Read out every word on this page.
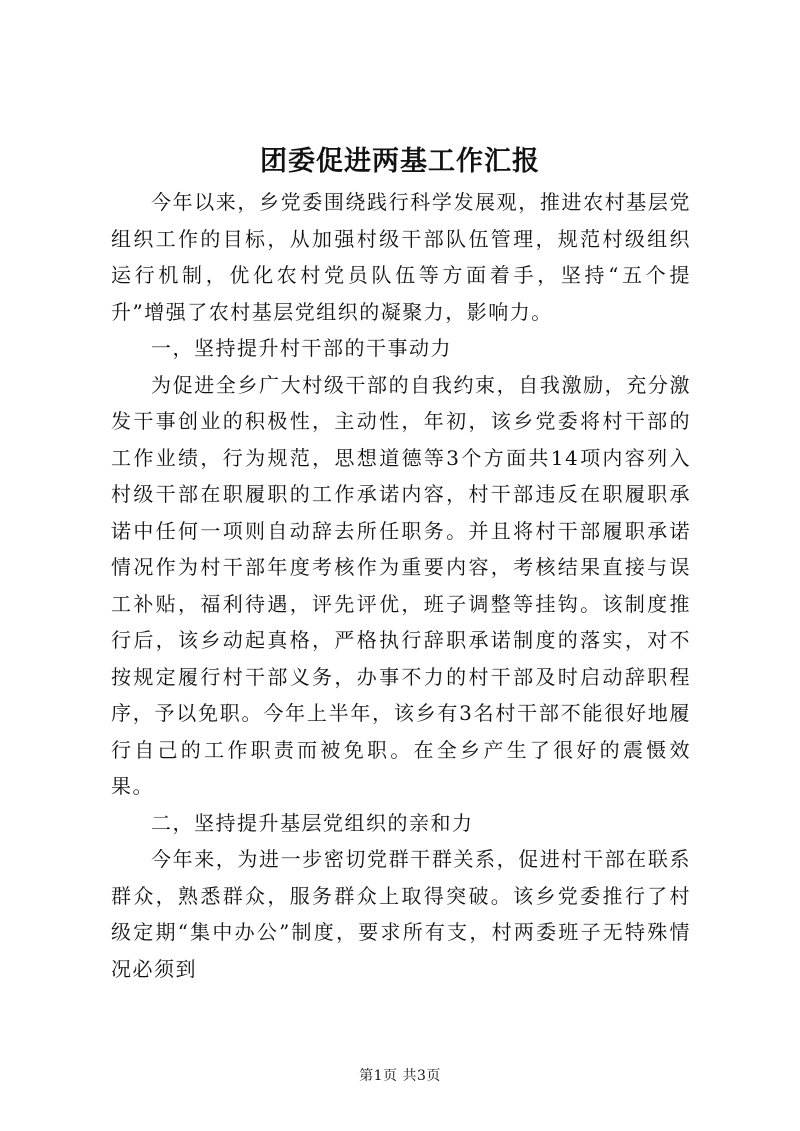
团委促进两基工作汇报

今年以来，乡党委围绕践行科学发展观，推进农村基层党组织工作的目标，从加强村级干部队伍管理，规范村级组织运行机制，优化农村党员队伍等方面着手，坚持“五个提升”增强了农村基层党组织的凝聚力，影响力。

一，坚持提升村干部的干事动力

为促进全乡广大村级干部的自我约束，自我激励，充分激发干事创业的积极性，主动性，年初，该乡党委将村干部的工作业绩，行为规范，思想道德等3个方面共14项内容列入村级干部在职履职的工作承诺内容，村干部违反在职履职承诺中任何一项则自动辞去所任职务。并且将村干部履职承诺情况作为村干部年度考核作为重要内容，考核结果直接与误工补贴，福利待遇，评先评优，班子调整等挂钩。该制度推行后，该乡动起真格，严格执行辞职承诺制度的落实，对不按规定履行村干部义务，办事不力的村干部及时启动辞职程序，予以免职。今年上半年，该乡有3名村干部不能很好地履行自己的工作职责而被免职。在全乡产生了很好的震慑效果。

二，坚持提升基层党组织的亲和力

今年来，为进一步密切党群干群关系，促进村干部在联系群众，熟悉群众，服务群众上取得突破。该乡党委推行了村级定期“集中办公”制度，要求所有支，村两委班子无特殊情况必须到

第1页 共3页
